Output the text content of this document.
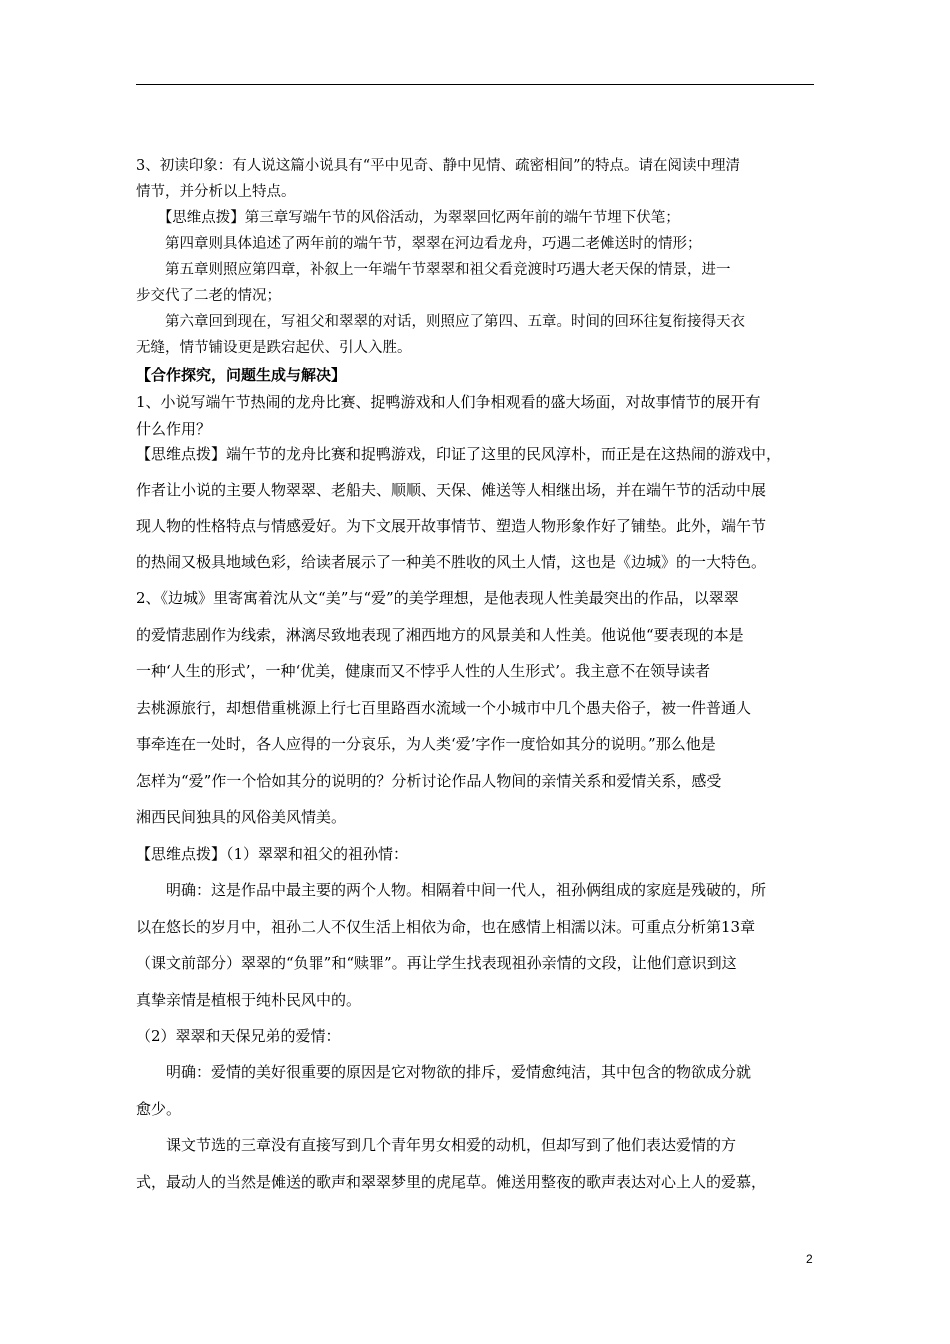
3、初读印象：有人说这篇小说具有“平中见奇、静中见情、疏密相间”的特点。请在阅读中理清

情节，并分析以上特点。

　　【思维点拨】第三章写端午节的风俗活动，为翠翠回忆两年前的端午节埋下伏笔；

　　第四章则具体追述了两年前的端午节，翠翠在河边看龙舟，巧遇二老傩送时的情形；

　　第五章则照应第四章，补叙上一年端午节翠翠和祖父看竞渡时巧遇大老天保的情景，进一

步交代了二老的情况；

　　第六章回到现在，写祖父和翠翠的对话，则照应了第四、五章。时间的回环往复衔接得天衣

无缝，情节铺设更是跌宕起伏、引人入胜。

【合作探究，问题生成与解决】

1、小说写端午节热闹的龙舟比赛、捉鸭游戏和人们争相观看的盛大场面，对故事情节的展开有

什么作用？

【思维点拨】端午节的龙舟比赛和捉鸭游戏，印证了这里的民风淳朴，而正是在这热闹的游戏中，

作者让小说的主要人物翠翠、老船夫、顺顺、天保、傩送等人相继出场，并在端午节的活动中展

现人物的性格特点与情感爱好。为下文展开故事情节、塑造人物形象作好了铺垫。此外，端午节

的热闹又极具地域色彩，给读者展示了一种美不胜收的风土人情，这也是《边城》的一大特色。

2、《边城》里寄寓着沈从文“美”与“爱”的美学理想，是他表现人性美最突出的作品，以翠翠

的爱情悲剧作为线索，淋漓尽致地表现了湘西地方的风景美和人性美。他说他“要表现的本是

一种‘人生的形式’，一种‘优美，健康而又不悖乎人性的人生形式’。我主意不在领导读者

去桃源旅行，却想借重桃源上行七百里路酉水流域一个小城市中几个愚夫俗子，被一件普通人

事牵连在一处时，各人应得的一分哀乐，为人类‘爱’字作一度恰如其分的说明。”那么他是

怎样为“爱”作一个恰如其分的说明的？分析讨论作品人物间的亲情关系和爱情关系，感受

湘西民间独具的风俗美风情美。

【思维点拨】（1）翠翠和祖父的祖孙情：

　　明确：这是作品中最主要的两个人物。相隔着中间一代人，祖孙俩组成的家庭是残破的，所

以在悠长的岁月中，祖孙二人不仅生活上相依为命，也在感情上相濡以沫。可重点分析第13章

（课文前部分）翠翠的“负罪”和“赎罪”。再让学生找表现祖孙亲情的文段，让他们意识到这

真挚亲情是植根于纯朴民风中的。

（2）翠翠和天保兄弟的爱情：

　　明确：爱情的美好很重要的原因是它对物欲的排斥，爱情愈纯洁，其中包含的物欲成分就

愈少。

　　课文节选的三章没有直接写到几个青年男女相爱的动机，但却写到了他们表达爱情的方

式，最动人的当然是傩送的歌声和翠翠梦里的虎尾草。傩送用整夜的歌声表达对心上人的爱慕，

2
